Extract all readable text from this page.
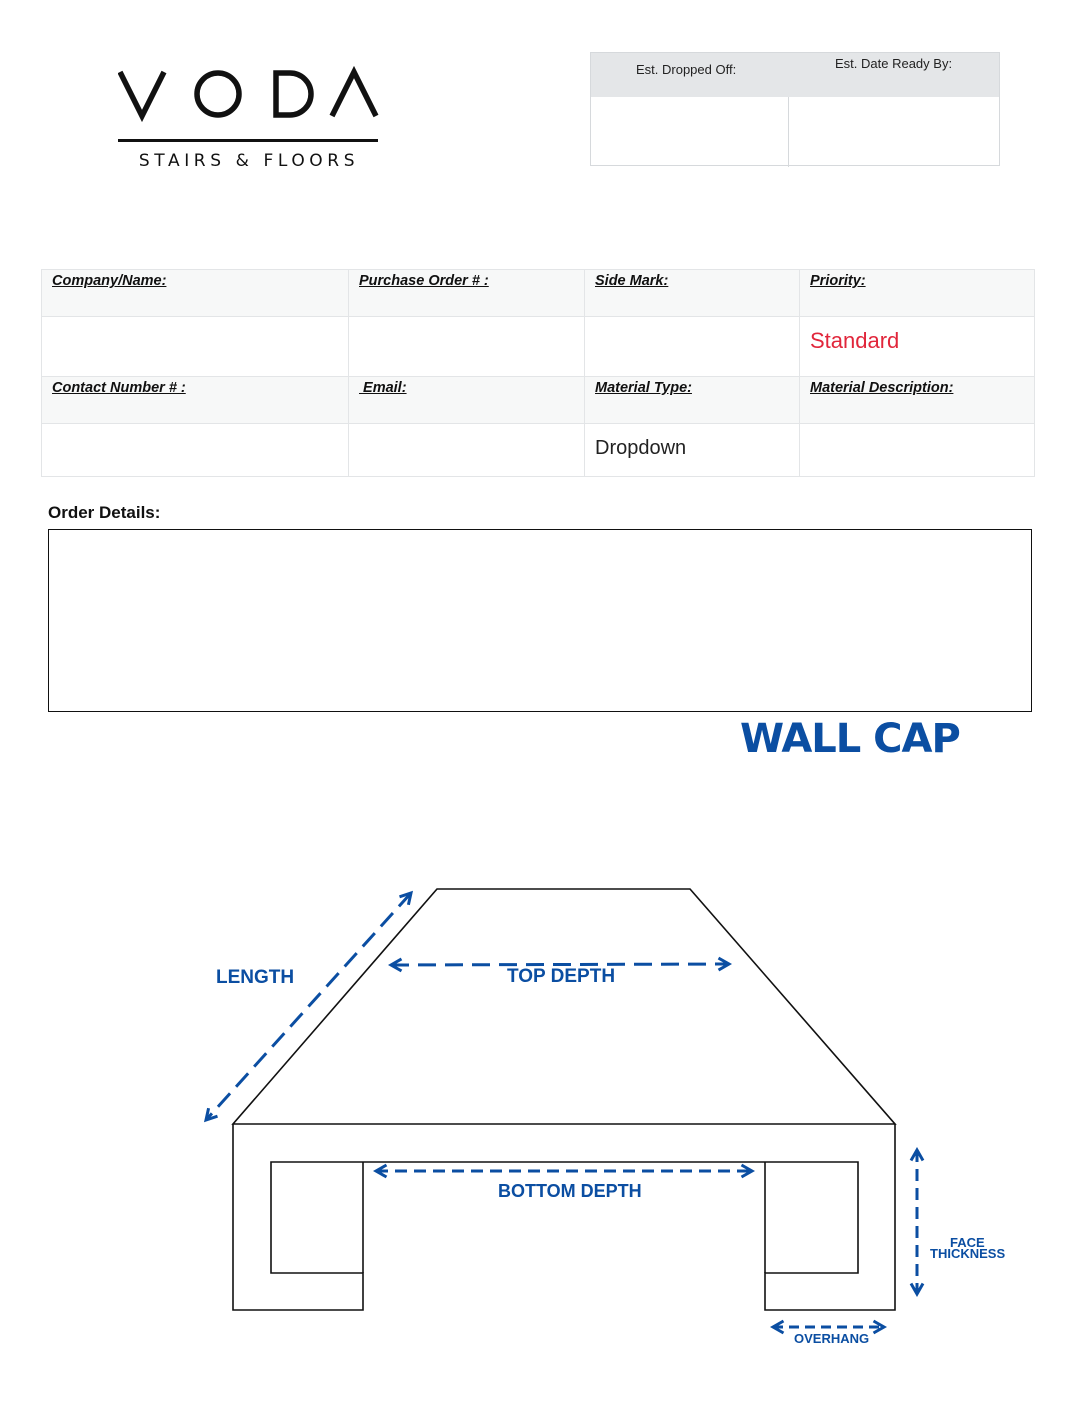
STAIRS & FLOORS
Est. Dropped Off:	Est. Date Ready By:
Company/Name:	Purchase Order # :	Side Mark:	Priority:

			Standard

Contact Number # :	Email:	Material Type:	Material Description:

		Dropdown	

Order Details:
WALL CAP
LENGTH	TOP DEPTH
BOTTOM DEPTH
FACE
THICKNESS
OVERHANG
